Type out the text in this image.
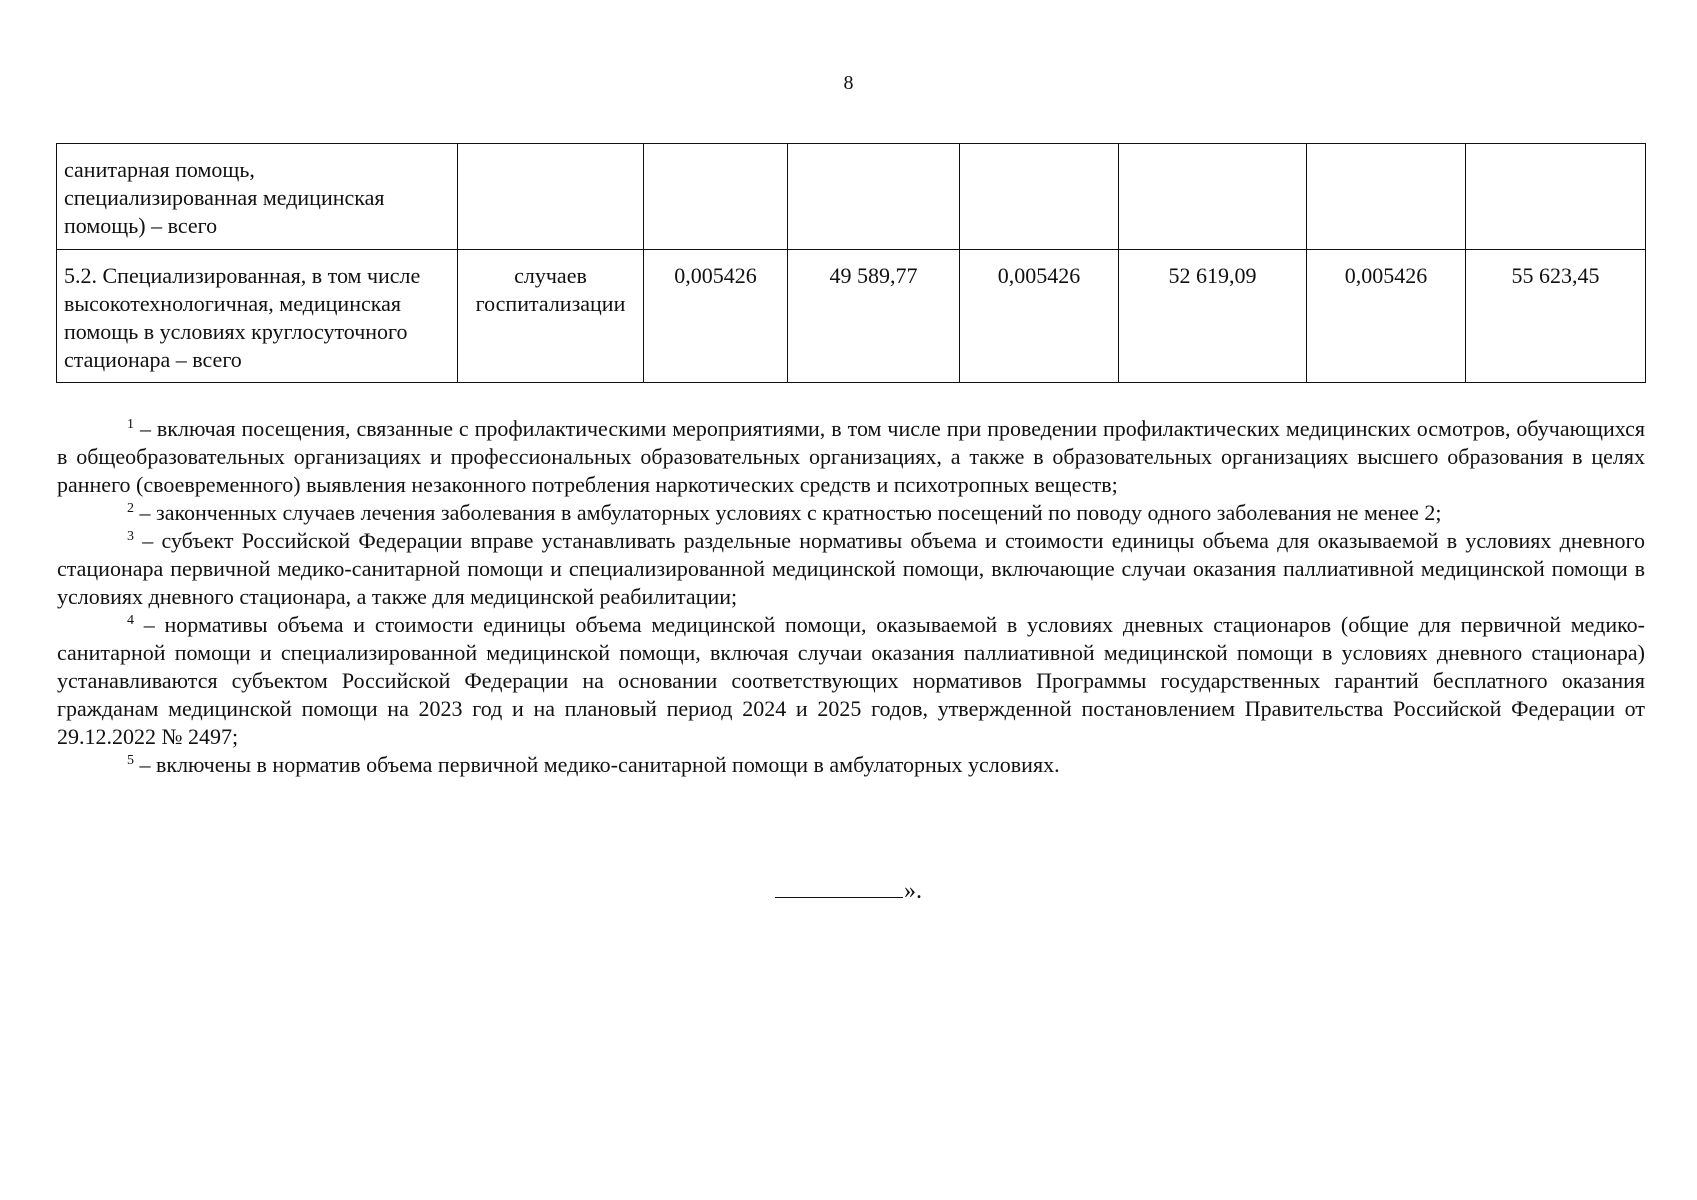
8
санитарная помощь, специализированная медицинская помощь) – всего							
5.2. Специализированная, в том числе высокотехнологичная, медицинская помощь в условиях круглосуточного стационара – всего	случаев госпитализации	0,005426	49 589,77	0,005426	52 619,09	0,005426	55 623,45

$^1$ – включая посещения, связанные с профилактическими мероприятиями, в том числе при проведении профилактических медицинских осмотров, обучающихся в общеобразовательных организациях и профессиональных образовательных организациях, а также в образовательных организациях высшего образования в целях раннего (своевременного) выявления незаконного потребления наркотических средств и психотропных веществ;

$^2$ – законченных случаев лечения заболевания в амбулаторных условиях с кратностью посещений по поводу одного заболевания не менее 2;

$^3$ – субъект Российской Федерации вправе устанавливать раздельные нормативы объема и стоимости единицы объема для оказываемой в условиях дневного стационара первичной медико-санитарной помощи и специализированной медицинской помощи, включающие случаи оказания паллиативной медицинской помощи в условиях дневного стационара, а также для медицинской реабилитации;

$^4$ – нормативы объема и стоимости единицы объема медицинской помощи, оказываемой в условиях дневных стационаров (общие для первичной медико-санитарной помощи и специализированной медицинской помощи, включая случаи оказания паллиативной медицинской помощи в условиях дневного стационара) устанавливаются субъектом Российской Федерации на основании соответствующих нормативов Программы государственных гарантий бесплатного оказания гражданам медицинской помощи на 2023 год и на плановый период 2024 и 2025 годов, утвержденной постановлением Правительства Российской Федерации от 29.12.2022 № 2497;

$^5$ – включены в норматив объема первичной медико-санитарной помощи в амбулаторных условиях.

».
